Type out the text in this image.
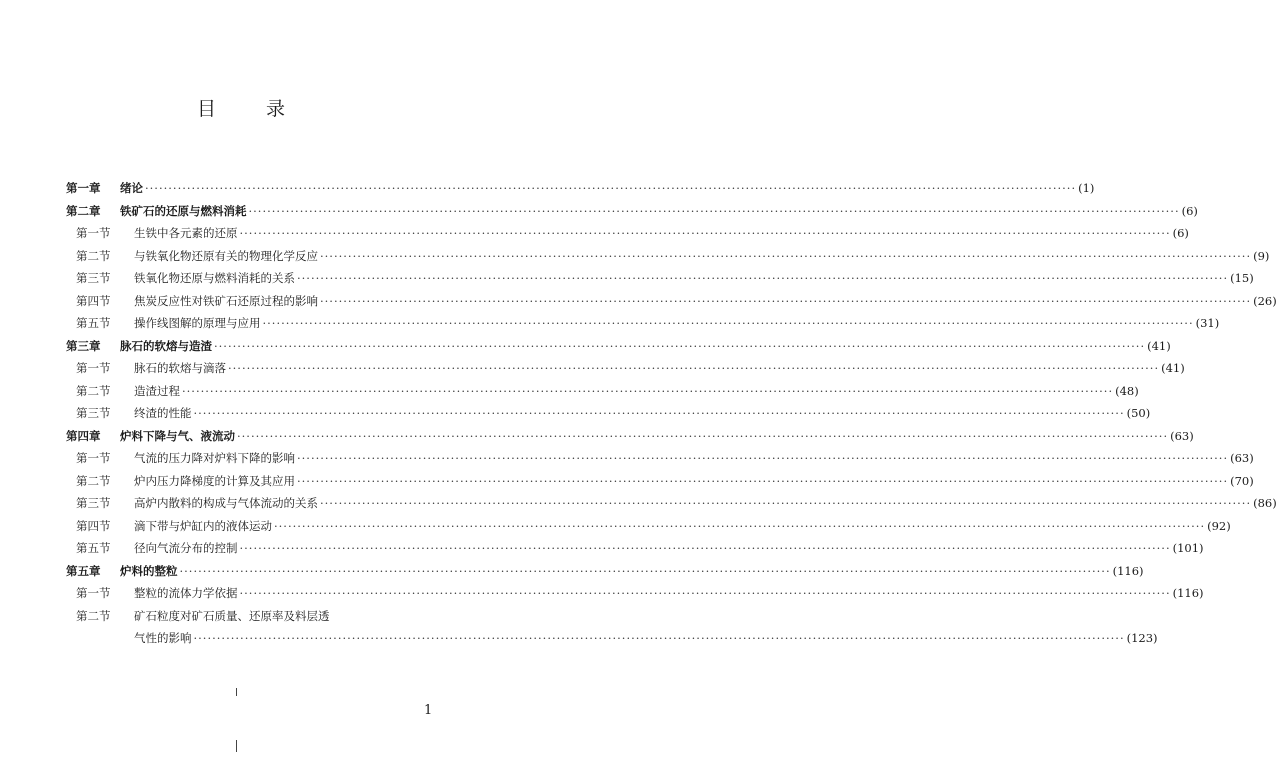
目 录
第一章	绪论 ········································································································································································································ (1)
第二章	铁矿石的还原与燃料消耗 ········································································································································································································ (6)
第一节	生铁中各元素的还原 ········································································································································································································ (6)
第二节	与铁氧化物还原有关的物理化学反应 ········································································································································································································ (9)
第三节	铁氧化物还原与燃料消耗的关系 ········································································································································································································ (15)
第四节	焦炭反应性对铁矿石还原过程的影响 ········································································································································································································ (26)
第五节	操作线图解的原理与应用 ········································································································································································································ (31)
第三章	脉石的软熔与造渣 ········································································································································································································ (41)
第一节	脉石的软熔与滴落 ········································································································································································································ (41)
第二节	造渣过程 ········································································································································································································ (48)
第三节	终渣的性能 ········································································································································································································ (50)
第四章	炉料下降与气、液流动 ········································································································································································································ (63)
第一节	气流的压力降对炉料下降的影响 ········································································································································································································ (63)
第二节	炉内压力降梯度的计算及其应用 ········································································································································································································ (70)
第三节	高炉内散料的构成与气体流动的关系 ········································································································································································································ (86)
第四节	滴下带与炉缸内的液体运动 ········································································································································································································ (92)
第五节	径向气流分布的控制 ········································································································································································································ (101)
第五章	炉料的整粒 ········································································································································································································ (116)
第一节	整粒的流体力学依据 ········································································································································································································ (116)
第二节	矿石粒度对矿石质量、还原率及料层透
气性的影响 ········································································································································································································ (123)
1
